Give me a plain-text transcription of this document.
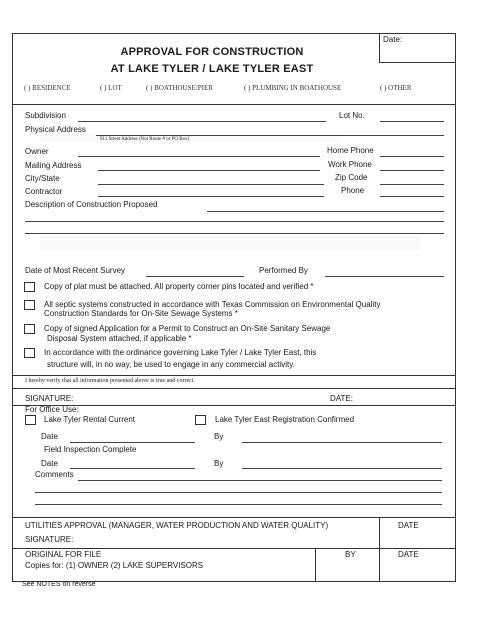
Date:
APPROVAL FOR CONSTRUCTION
AT LAKE TYLER / LAKE TYLER EAST
( ) RESIDENCE	( ) LOT	( ) BOATHOUSE/PIER	( ) PLUMBING IN BOATHOUSE	( ) OTHER
Subdivision	Lot No.
Physical Address
911 Street Address (Not Route # or PO Box)
Owner	Home Phone
Mailing Address	Work Phone
City/State	Zip Code
Contractor	Phone
Description of Construction Proposed
Date of Most Recent Survey	Performed By
Copy of plat must be attached. All property corner pins located and verified *
All septic systems constructed in accordance with Texas Commission on Environmental Quality
Construction Standards for On-Site Sewage Systems *
Copy of signed Application for a Permit to Construct an On-Site Sanitary Sewage
Disposal System attached, if applicable *
In accordance with the ordinance governing Lake Tyler / Lake Tyler East, this
structure will, in no way, be used to engage in any commercial activity.
I hereby verify that all information presented above is true and correct.
SIGNATURE:	DATE:
For Office Use:
Lake Tyler Rental Current	Lake Tyler East Registration Confirmed
Date	By
Field Inspection Complete
Date	By
Comments
UTILITIES APPROVAL (MANAGER, WATER PRODUCTION AND WATER QUALITY)	DATE
SIGNATURE:
ORIGINAL FOR FILE	BY	DATE
Copies for: (1) OWNER (2) LAKE SUPERVISORS
See NOTES on reverse
